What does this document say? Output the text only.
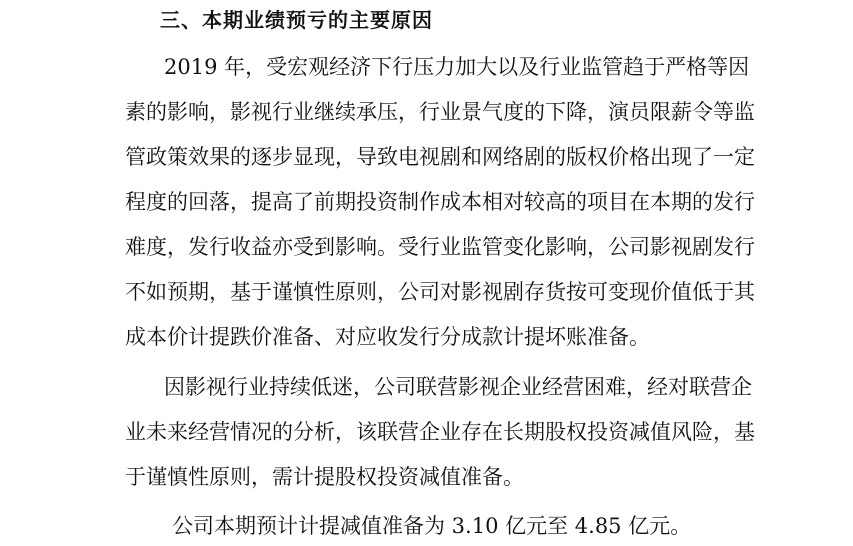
三、本期业绩预亏的主要原因
2019 年，受宏观经济下行压力加大以及行业监管趋于严格等因
素的影响，影视行业继续承压，行业景气度的下降，演员限薪令等监
管政策效果的逐步显现，导致电视剧和网络剧的版权价格出现了一定
程度的回落，提高了前期投资制作成本相对较高的项目在本期的发行
难度，发行收益亦受到影响。受行业监管变化影响，公司影视剧发行
不如预期，基于谨慎性原则，公司对影视剧存货按可变现价值低于其
成本价计提跌价准备、对应收发行分成款计提坏账准备。
因影视行业持续低迷，公司联营影视企业经营困难，经对联营企
业未来经营情况的分析，该联营企业存在长期股权投资减值风险，基
于谨慎性原则，需计提股权投资减值准备。
公司本期预计计提减值准备为 3.10 亿元至 4.85 亿元。
